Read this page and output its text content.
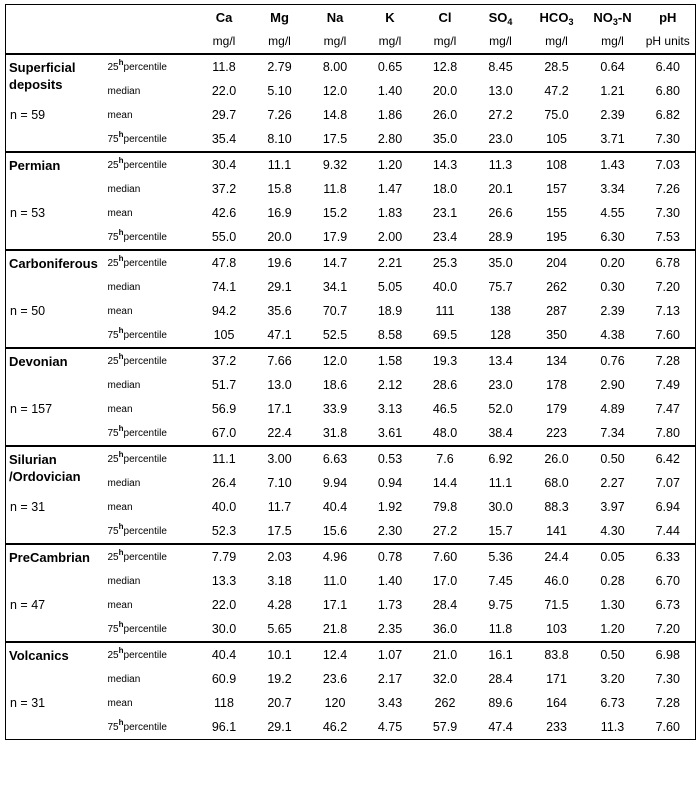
		Ca	Mg	Na	K	Cl	$SO_4$	$HCO_3$	$NO_3-N$	pH
		mg/l	mg/l	mg/l	mg/l	mg/l	mg/l	mg/l	mg/l	pH units
Superficial deposits	25$^h$percentile	11.8	2.79	8.00	0.65	12.8	8.45	28.5	0.64	6.40
	median	22.0	5.10	12.0	1.40	20.0	13.0	47.2	1.21	6.80
n = 59	mean	29.7	7.26	14.8	1.86	26.0	27.2	75.0	2.39	6.82
	75$^h$percentile	35.4	8.10	17.5	2.80	35.0	23.0	105	3.71	7.30
Permian	25$^h$percentile	30.4	11.1	9.32	1.20	14.3	11.3	108	1.43	7.03
	median	37.2	15.8	11.8	1.47	18.0	20.1	157	3.34	7.26
n = 53	mean	42.6	16.9	15.2	1.83	23.1	26.6	155	4.55	7.30
	75$^h$percentile	55.0	20.0	17.9	2.00	23.4	28.9	195	6.30	7.53
Carboniferous	25$^h$percentile	47.8	19.6	14.7	2.21	25.3	35.0	204	0.20	6.78
	median	74.1	29.1	34.1	5.05	40.0	75.7	262	0.30	7.20
n = 50	mean	94.2	35.6	70.7	18.9	111	138	287	2.39	7.13
	75$^h$percentile	105	47.1	52.5	8.58	69.5	128	350	4.38	7.60
Devonian	25$^h$percentile	37.2	7.66	12.0	1.58	19.3	13.4	134	0.76	7.28
	median	51.7	13.0	18.6	2.12	28.6	23.0	178	2.90	7.49
n = 157	mean	56.9	17.1	33.9	3.13	46.5	52.0	179	4.89	7.47
	75$^h$percentile	67.0	22.4	31.8	3.61	48.0	38.4	223	7.34	7.80
Silurian /Ordovician	25$^h$percentile	11.1	3.00	6.63	0.53	7.6	6.92	26.0	0.50	6.42
	median	26.4	7.10	9.94	0.94	14.4	11.1	68.0	2.27	7.07
n = 31	mean	40.0	11.7	40.4	1.92	79.8	30.0	88.3	3.97	6.94
	75$^h$percentile	52.3	17.5	15.6	2.30	27.2	15.7	141	4.30	7.44
PreCambrian	25$^h$percentile	7.79	2.03	4.96	0.78	7.60	5.36	24.4	0.05	6.33
	median	13.3	3.18	11.0	1.40	17.0	7.45	46.0	0.28	6.70
n = 47	mean	22.0	4.28	17.1	1.73	28.4	9.75	71.5	1.30	6.73
	75$^h$percentile	30.0	5.65	21.8	2.35	36.0	11.8	103	1.20	7.20
Volcanics	25$^h$percentile	40.4	10.1	12.4	1.07	21.0	16.1	83.8	0.50	6.98
	median	60.9	19.2	23.6	2.17	32.0	28.4	171	3.20	7.30
n = 31	mean	118	20.7	120	3.43	262	89.6	164	6.73	7.28
	75$^h$percentile	96.1	29.1	46.2	4.75	57.9	47.4	233	11.3	7.60
